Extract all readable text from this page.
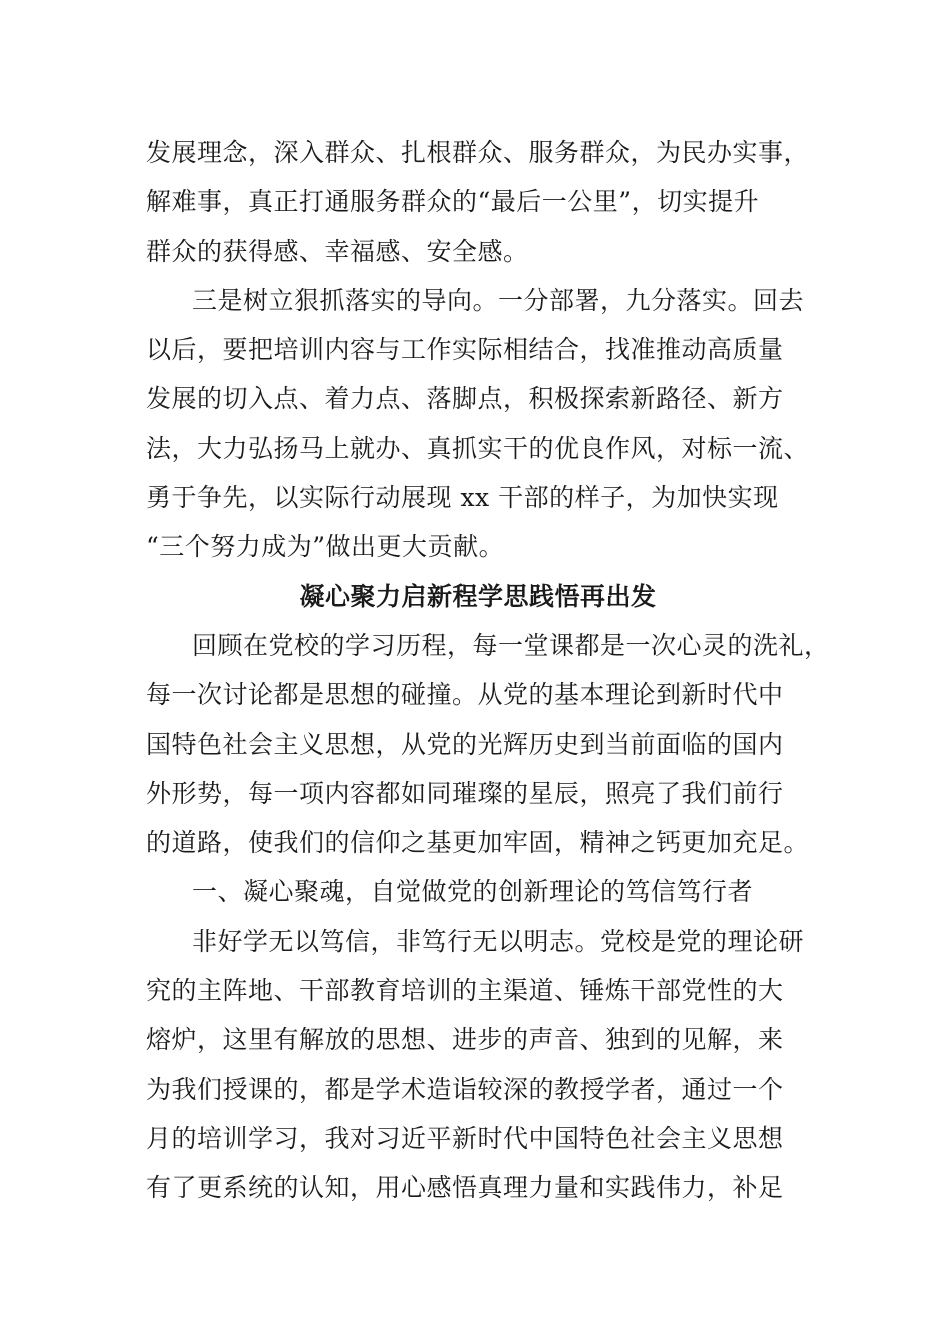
发展理念，深入群众、扎根群众、服务群众，为民办实事，
解难事，真正打通服务群众的“最后一公里”，切实提升
群众的获得感、幸福感、安全感。
三是树立狠抓落实的导向。一分部署，九分落实。回去
以后，要把培训内容与工作实际相结合，找准推动高质量
发展的切入点、着力点、落脚点，积极探索新路径、新方
法，大力弘扬马上就办、真抓实干的优良作风，对标一流、
勇于争先，以实际行动展现 xx 干部的样子，为加快实现
“三个努力成为”做出更大贡献。
凝心聚力启新程学思践悟再出发
回顾在党校的学习历程，每一堂课都是一次心灵的洗礼，
每一次讨论都是思想的碰撞。从党的基本理论到新时代中
国特色社会主义思想，从党的光辉历史到当前面临的国内
外形势，每一项内容都如同璀璨的星辰，照亮了我们前行
的道路，使我们的信仰之基更加牢固，精神之钙更加充足。
一、凝心聚魂，自觉做党的创新理论的笃信笃行者
非好学无以笃信，非笃行无以明志。党校是党的理论研
究的主阵地、干部教育培训的主渠道、锤炼干部党性的大
熔炉，这里有解放的思想、进步的声音、独到的见解，来
为我们授课的，都是学术造诣较深的教授学者，通过一个
月的培训学习，我对习近平新时代中国特色社会主义思想
有了更系统的认知，用心感悟真理力量和实践伟力，补足
